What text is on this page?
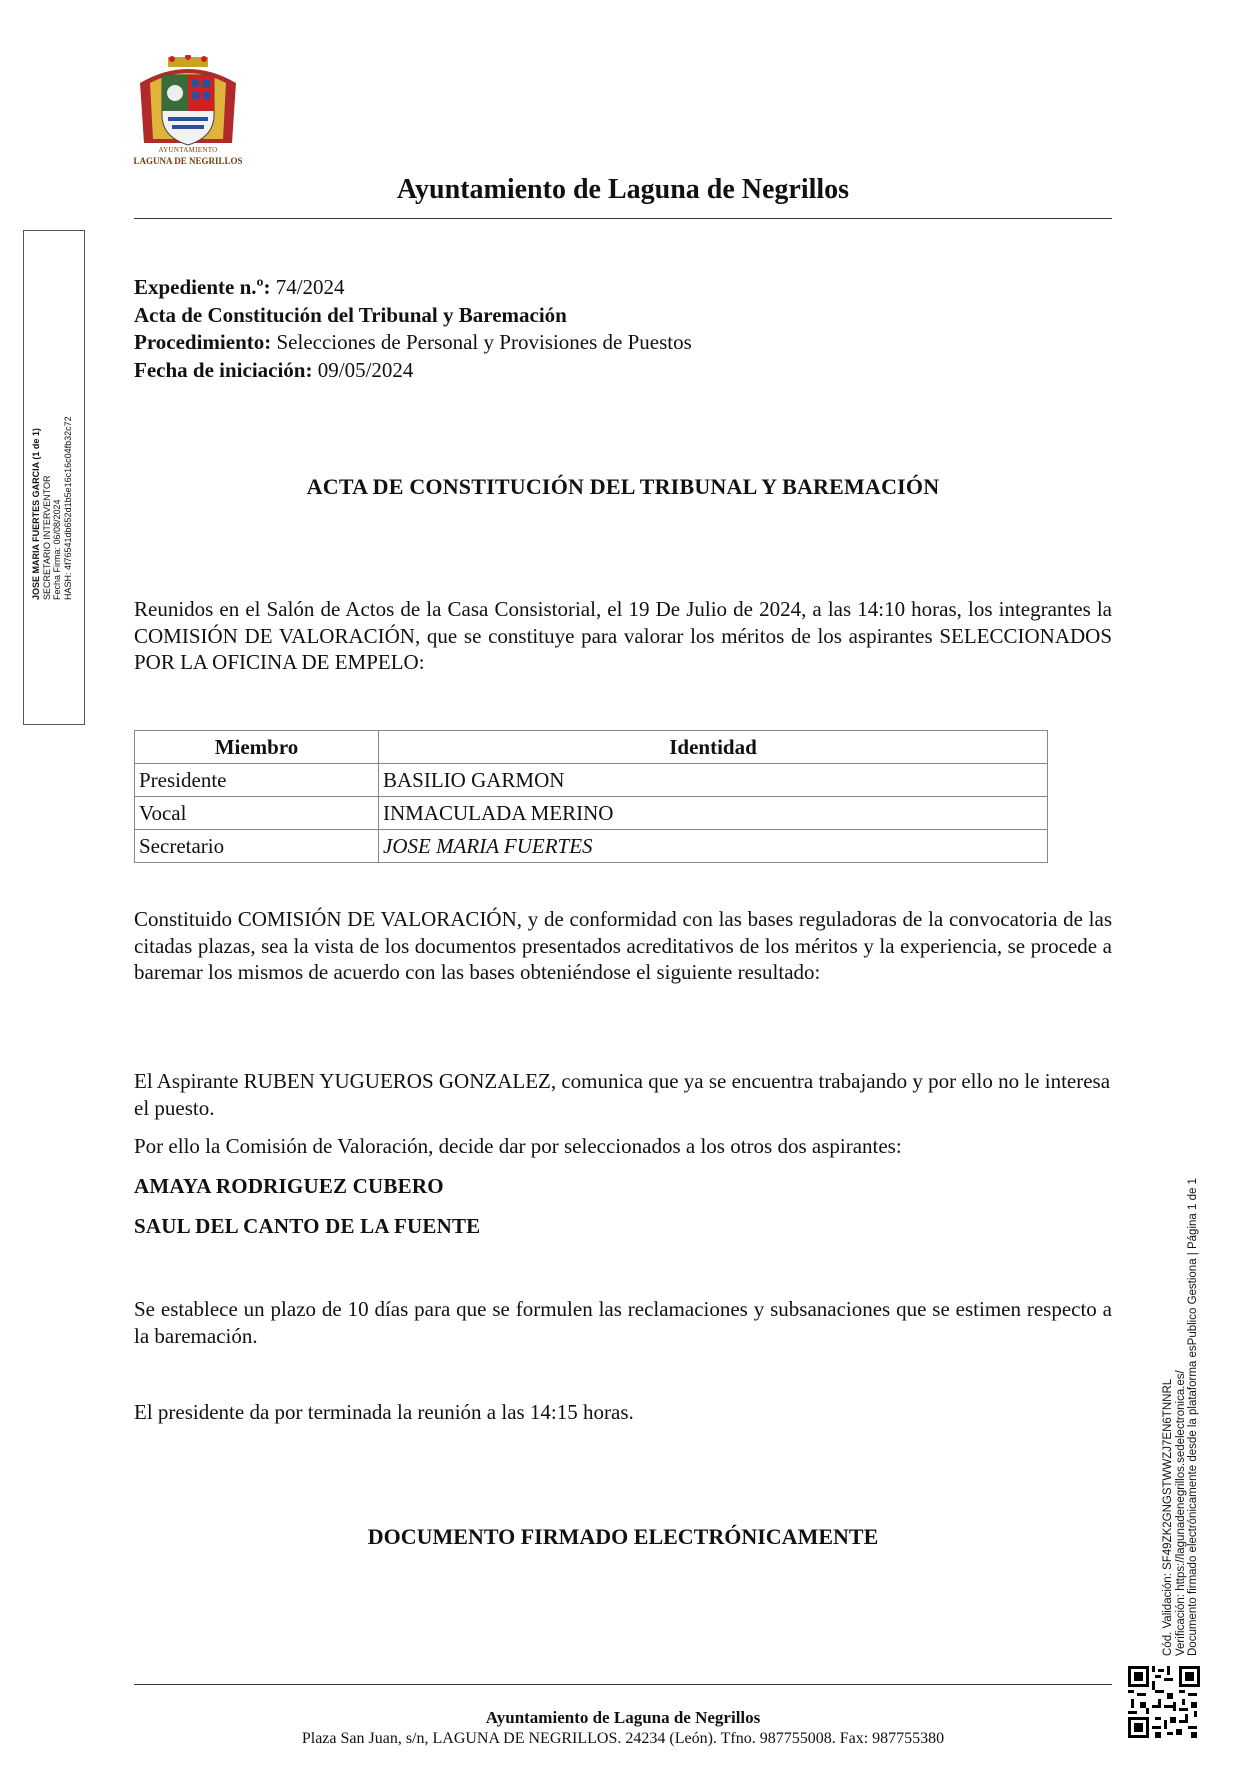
AYUNTAMIENTO
LAGUNA DE NEGRILLOS
Ayuntamiento de Laguna de Negrillos
JOSE MARIA FUERTES GARCIA (1 de 1) SECRETARIO INTERVENTOR Fecha Firma: 06/08/2024 HASH: 4f76541db652d1b5e16c16c04fb32c72
Expediente n.º: 74/2024
Acta de Constitución del Tribunal y Baremación
Procedimiento: Selecciones de Personal y Provisiones de Puestos
Fecha de iniciación: 09/05/2024
ACTA DE CONSTITUCIÓN DEL TRIBUNAL Y BAREMACIÓN
Reunidos en el Salón de Actos de la Casa Consistorial, el 19 De Julio de 2024, a las 14:10 horas, los integrantes la COMISIÓN DE VALORACIÓN, que se constituye para valorar los méritos de los aspirantes SELECCIONADOS POR LA OFICINA DE EMPELO:
Miembro	Identidad
Presidente	BASILIO GARMON
Vocal	INMACULADA MERINO
Secretario	JOSE MARIA FUERTES
Constituido COMISIÓN DE VALORACIÓN, y de conformidad con las bases reguladoras de la convocatoria de las citadas plazas, sea la vista de los documentos presentados acreditativos de los méritos y la experiencia, se procede a baremar los mismos de acuerdo con las bases obteniéndose el siguiente resultado:
El Aspirante RUBEN YUGUEROS GONZALEZ, comunica que ya se encuentra trabajando y por ello no le interesa el puesto.
Por ello la Comisión de Valoración, decide dar por seleccionados a los otros dos aspirantes:
AMAYA RODRIGUEZ CUBERO
SAUL DEL CANTO DE LA FUENTE
Se establece un plazo de 10 días para que se formulen las reclamaciones y subsanaciones que se estimen respecto a la baremación.
El presidente da por terminada la reunión a las 14:15 horas.
DOCUMENTO FIRMADO ELECTRÓNICAMENTE
Ayuntamiento de Laguna de Negrillos
Plaza San Juan, s/n, LAGUNA DE NEGRILLOS. 24234 (León). Tfno. 987755008. Fax: 987755380
Cód. Validación: SF49ZK2GNGSTWWZJ7EN6TNNRL Verificación: https://lagunadenegrillos.sedelectronica.es/ Documento firmado electrónicamente desde la plataforma esPublico Gestiona | Página 1 de 1
